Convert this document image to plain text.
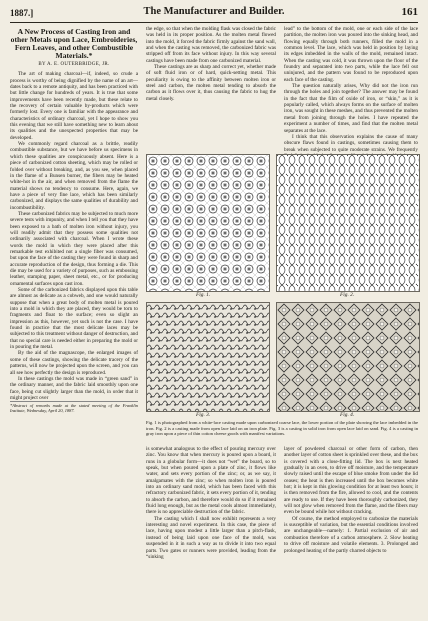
1887.]	The Manufacturer and Builder.	161
A New Process of Casting Iron and other Metals upon Lace, Embroideries, Fern Leaves, and other Combustible Materials.*
BY A. E. OUTERBRIDGE, JR.

The art of making charcoal—if, indeed, so crude a process is worthy of being dignified by the name of an art—dates back to a remote antiquity, and has been practiced with but little change for hundreds of years. It is true that some improvements have been recently made, but these relate to the recovery of certain valuable by-products which were formerly lost. Every one is familiar with the appearance and characteristics of ordinary charcoal, yet I hope to show you this evening that we still have something new to learn about its qualities and the unexpected properties that may be developed.

We commonly regard charcoal as a brittle, readily combustible substance, but we have before us specimens in which these qualities are conspicuously absent. Here is a piece of carbonized cotton sheeting, which may be rolled or folded over without breaking, and, as you see, when placed in the flame of a Bunsen burner, the fibers may be heated white-hot in the air, and when removed from the flame the material shows no tendency to consume. Here, again, we have a piece of very fine lace, which has been similarly carbonized, and displays the same qualities of durability and incombustibility.

These carbonized fabrics may be subjected to much more severe tests with impunity, and when I tell you that they have been exposed to a bath of molten iron without injury, you will readily admit that they possess some qualities not ordinarily associated with charcoal. When I wrote these words the mold in which they were placed after this remarkable test exhibited not a single fiber was consumed, but upon the face of the casting they were found in sharp and accurate reproduction of the design, thus forming a die. This die may be used for a variety of purposes, such as embossing leather, stamping paper, sheet metal, etc., or for producing ornamental surfaces upon cast iron.

Some of the carbonized fabrics displayed upon this table are almost as delicate as a cobweb, and one would naturally suppose that when a great body of molten metal is poured into a mold in which they are placed, they would be torn to fragments and float to the surface; even so slight an impression as this, however, yet such is not the case. I have found in practice that the most delicate laces may be subjected to this treatment without danger of destruction, and that no special care is needed either in preparing the mold or in pouring the metal.

By the aid of the magnascope, the enlarged images of some of these castings, showing the delicate tracery of the patterns, will now be projected upon the screen, and you can all see how perfectly the design is reproduced.

In these castings the mold was made in “green sand” in the ordinary manner, and the fabric laid smoothly upon one face, being cut slightly larger than the mold, in order that it might project over

*Abstract of remarks made at the stated meeting of the Franklin Institute, Wednesday, April 20, 1887.

the edge, so that when the molding flask was closed the fabric was held in its proper position. As the molten metal flowed into the mold, it forced the fabric firmly against the sand wall, and when the casting was removed, the carbonized fabric was stripped off from its face without injury. In this way several castings have been made from one carbonized material.

These castings are as sharp and correct yet, whether made of soft fluid iron or of hard, quick-setting metal. This peculiarity is owing to the affinity between molten iron or steel and carbon, the molten metal tending to absorb the carbon as it flows over it, thus causing the fabric to hug the metal closely.

lead” to the bottom of the mold, one or each side of the lace partition, the molten iron was poured into the sinking head, and flowing equally through both runners, filled the mold in a common level. The lace, which was held in position by laying its edges imbedded in the walls of the mold, remained intact. When the casting was cold, it was thrown upon the floor of the foundry and separated into two parts, while the lace fell out uninjured, and the pattern was found to be reproduced upon each face of the casting.

The question naturally arises, Why did not the iron run through the holes and join together? The answer may be found in the fact that the film of oxide of iron, or “skin,” as it is popularly called, which always forms on the surface of molten iron, was sought in these meshes, and thus prevented the molten metal from joining through the holes. I have repeated the experiment a number of times, and find that the molten metal separates at the lace.

I think that this observation explains the cause of many obscure flaws found in castings, sometimes causing them to break when subjected to quite moderate strains. We frequently

Fig. 1.	Fig. 2.
Fig. 3.	Fig. 4.
Fig. 1 is photographed from a white-lace casting made upon carbonized coarse lace, the lower portion of the plate showing the lace imbedded in the iron. Fig. 2 is a casting made from open lace laid on an iron plate. Fig. 3 is a casting in solid iron from open lace laid on sand. Fig. 4 is a casting in gray iron upon a piece of thin cotton cheese goods with manifest variations.

is somewhat analogous to the effect of pouring mercury over zinc. You know that when mercury is poured upon a board, it runs in a globular form—it does not “wet” the board, so to speak, but when poured upon a plate of zinc, it flows like water, and sets every portion of the zinc; or, as we say, it amalgamates with the zinc; so when molten iron is poured into an ordinary sand mold, which has been faced with this refractory carbonized fabric, it sets every portion of it, tending to absorb the carbon, and therefore would do so if it remained fluid long enough, but as the metal cools almost immediately, there is no appreciable destruction of the fabric.

The casting which I shall now exhibit represents a very interesting and novel experiment. In this case, the piece of lace, having upon modest a little larger than a pitch-flask, instead of being laid upon one face of the mold, was suspended in it in such a way as to divide it into two equal parts. Two gates or runners were provided, leading from the “sinking

layer of powdered charcoal or other form of carbon, then another layer of cotton sheet is sprinkled over these, and the box is covered with a close-fitting lid. The box is next heated gradually in an oven, to drive off moisture, and the temperature slowly raised until the escape of blue smoke from under the lid ceases; the heat is then increased until the box becomes white hot; it is kept in this glowing condition for at least two hours; it is then removed from the fire, allowed to cool, and the contents are ready to use. If they have been thoroughly carbonized, they will not glow when removed from the flame, and the fibers may even be bound while hot without cracking.

Of course, the method employed to carbonize the materials is susceptible of variation, but the essential conditions involved are unchangeable—namely: 1. Partial exclusion of air and combustion therefore of a carbon atmosphere. 2. Slow heating to drive off moisture and volatile elements. 3. Prolonged and prolonged heating of the partly charred objects to
